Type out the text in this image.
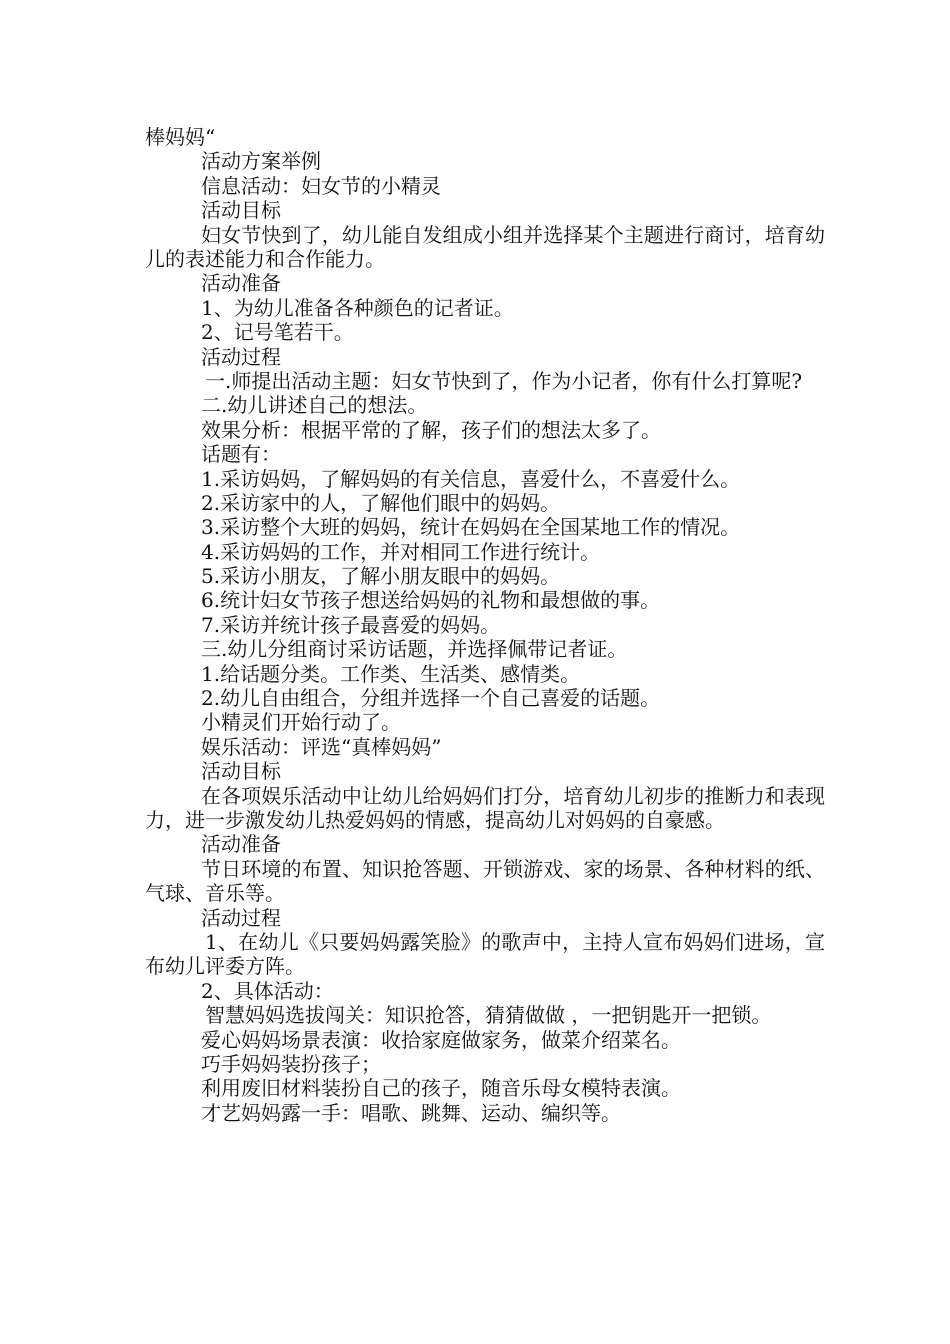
棒妈妈“
活动方案举例
信息活动：妇女节的小精灵
活动目标
妇女节快到了，幼儿能自发组成小组并选择某个主题进行商讨，培育幼儿的表述能力和合作能力。
活动准备
1、为幼儿准备各种颜色的记者证。
2、记号笔若干。
活动过程
一.师提出活动主题：妇女节快到了，作为小记者，你有什么打算呢?
二.幼儿讲述自己的想法。
效果分析：根据平常的了解，孩子们的想法太多了。
话题有：
1.采访妈妈，了解妈妈的有关信息，喜爱什么，不喜爱什么。
2.采访家中的人，了解他们眼中的妈妈。
3.采访整个大班的妈妈，统计在妈妈在全国某地工作的情况。
4.采访妈妈的工作，并对相同工作进行统计。
5.采访小朋友，了解小朋友眼中的妈妈。
6.统计妇女节孩子想送给妈妈的礼物和最想做的事。
7.采访并统计孩子最喜爱的妈妈。
三.幼儿分组商讨采访话题，并选择佩带记者证。
1.给话题分类。工作类、生活类、感情类。
2.幼儿自由组合，分组并选择一个自己喜爱的话题。
小精灵们开始行动了。
娱乐活动：评选“真棒妈妈”
活动目标
在各项娱乐活动中让幼儿给妈妈们打分，培育幼儿初步的推断力和表现力，进一步激发幼儿热爱妈妈的情感，提高幼儿对妈妈的自豪感。
活动准备
节日环境的布置、知识抢答题、开锁游戏、家的场景、各种材料的纸、气球、音乐等。
活动过程
1、在幼儿《只要妈妈露笑脸》的歌声中，主持人宣布妈妈们进场，宣布幼儿评委方阵。
2、具体活动：
智慧妈妈选拔闯关：知识抢答，猜猜做做 ，一把钥匙开一把锁。
爱心妈妈场景表演：收拾家庭做家务，做菜介绍菜名。
巧手妈妈装扮孩子；
利用废旧材料装扮自己的孩子，随音乐母女模特表演。
才艺妈妈露一手：唱歌、跳舞、运动、编织等。
